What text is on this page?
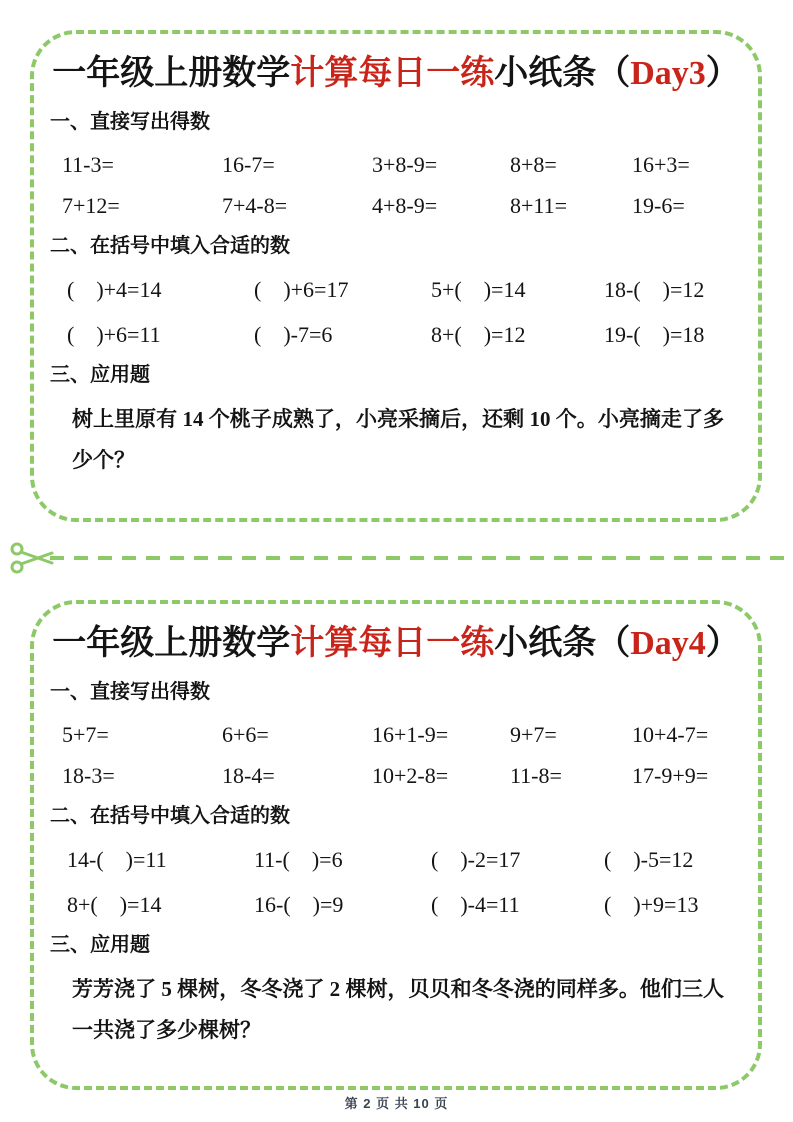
一年级上册数学计算每日一练小纸条（Day3）
一、直接写出得数
11-3=	16-7=	3+8-9=	8+8=	16+3=
7+12=	7+4-8=	4+8-9=	8+11=	19-6=
二、在括号中填入合适的数
(　)+4=14	(　)+6=17	5+(　)=14	18-(　)=12
(　)+6=11	(　)-7=6	8+(　)=12	19-(　)=18
三、应用题
树上里原有 14 个桃子成熟了，小亮采摘后，还剩 10 个。小亮摘走了多少个？
一年级上册数学计算每日一练小纸条（Day4）
一、直接写出得数
5+7=	6+6=	16+1-9=	9+7=	10+4-7=
18-3=	18-4=	10+2-8=	11-8=	17-9+9=
二、在括号中填入合适的数
14-(　)=11	11-(　)=6	(　)-2=17	(　)-5=12
8+(　)=14	16-(　)=9	(　)-4=11	(　)+9=13
三、应用题
芳芳浇了 5 棵树，冬冬浇了 2 棵树，贝贝和冬冬浇的同样多。他们三人一共浇了多少棵树？
第 2 页 共 10 页
